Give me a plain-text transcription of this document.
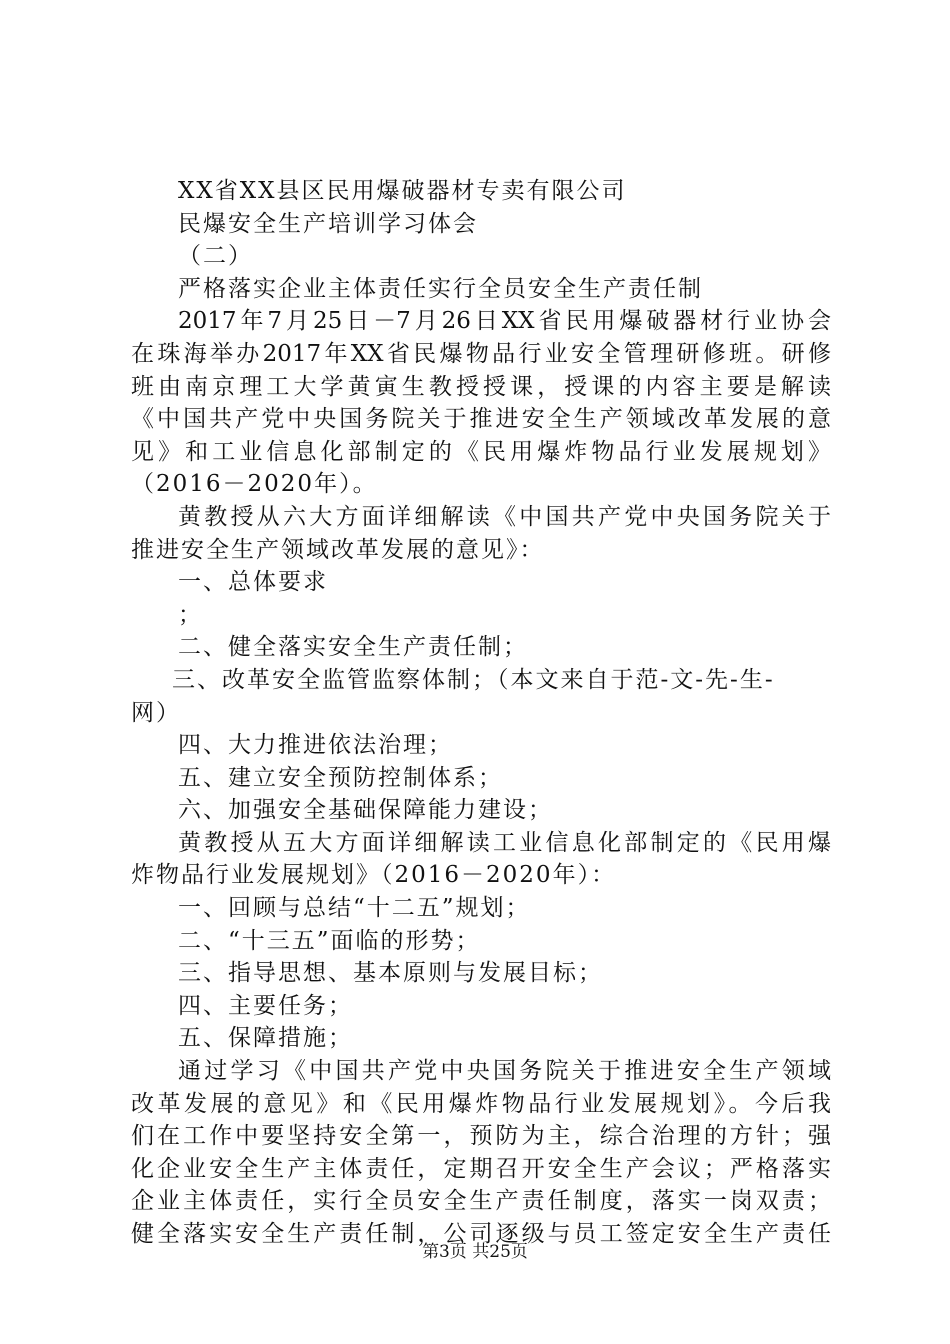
XX省XX县区民用爆破器材专卖有限公司
民爆安全生产培训学习体会
（二）
严格落实企业主体责任实行全员安全生产责任制
2017年7月25日－7月26日XX省民用爆破器材行业协会
在珠海举办2017年XX省民爆物品行业安全管理研修班。研修
班由南京理工大学黄寅生教授授课，授课的内容主要是解读
《中国共产党中央国务院关于推进安全生产领域改革发展的意
见》和工业信息化部制定的《民用爆炸物品行业发展规划》
（2016－2020年）。
黄教授从六大方面详细解读《中国共产党中央国务院关于
推进安全生产领域改革发展的意见》：
一、总体要求
；
二、健全落实安全生产责任制；
三、改革安全监管监察体制；（本文来自于范-文-先-生-
网）
四、大力推进依法治理；
五、建立安全预防控制体系；
六、加强安全基础保障能力建设；
黄教授从五大方面详细解读工业信息化部制定的《民用爆
炸物品行业发展规划》（2016－2020年）：
一、回顾与总结“十二五”规划；
二、“十三五”面临的形势；
三、指导思想、基本原则与发展目标；
四、主要任务；
五、保障措施；
通过学习《中国共产党中央国务院关于推进安全生产领域
改革发展的意见》和《民用爆炸物品行业发展规划》。今后我
们在工作中要坚持安全第一，预防为主，综合治理的方针；强
化企业安全生产主体责任，定期召开安全生产会议；严格落实
企业主体责任，实行全员安全生产责任制度，落实一岗双责；
健全落实安全生产责任制，公司逐级与员工签定安全生产责任
第3页 共25页
